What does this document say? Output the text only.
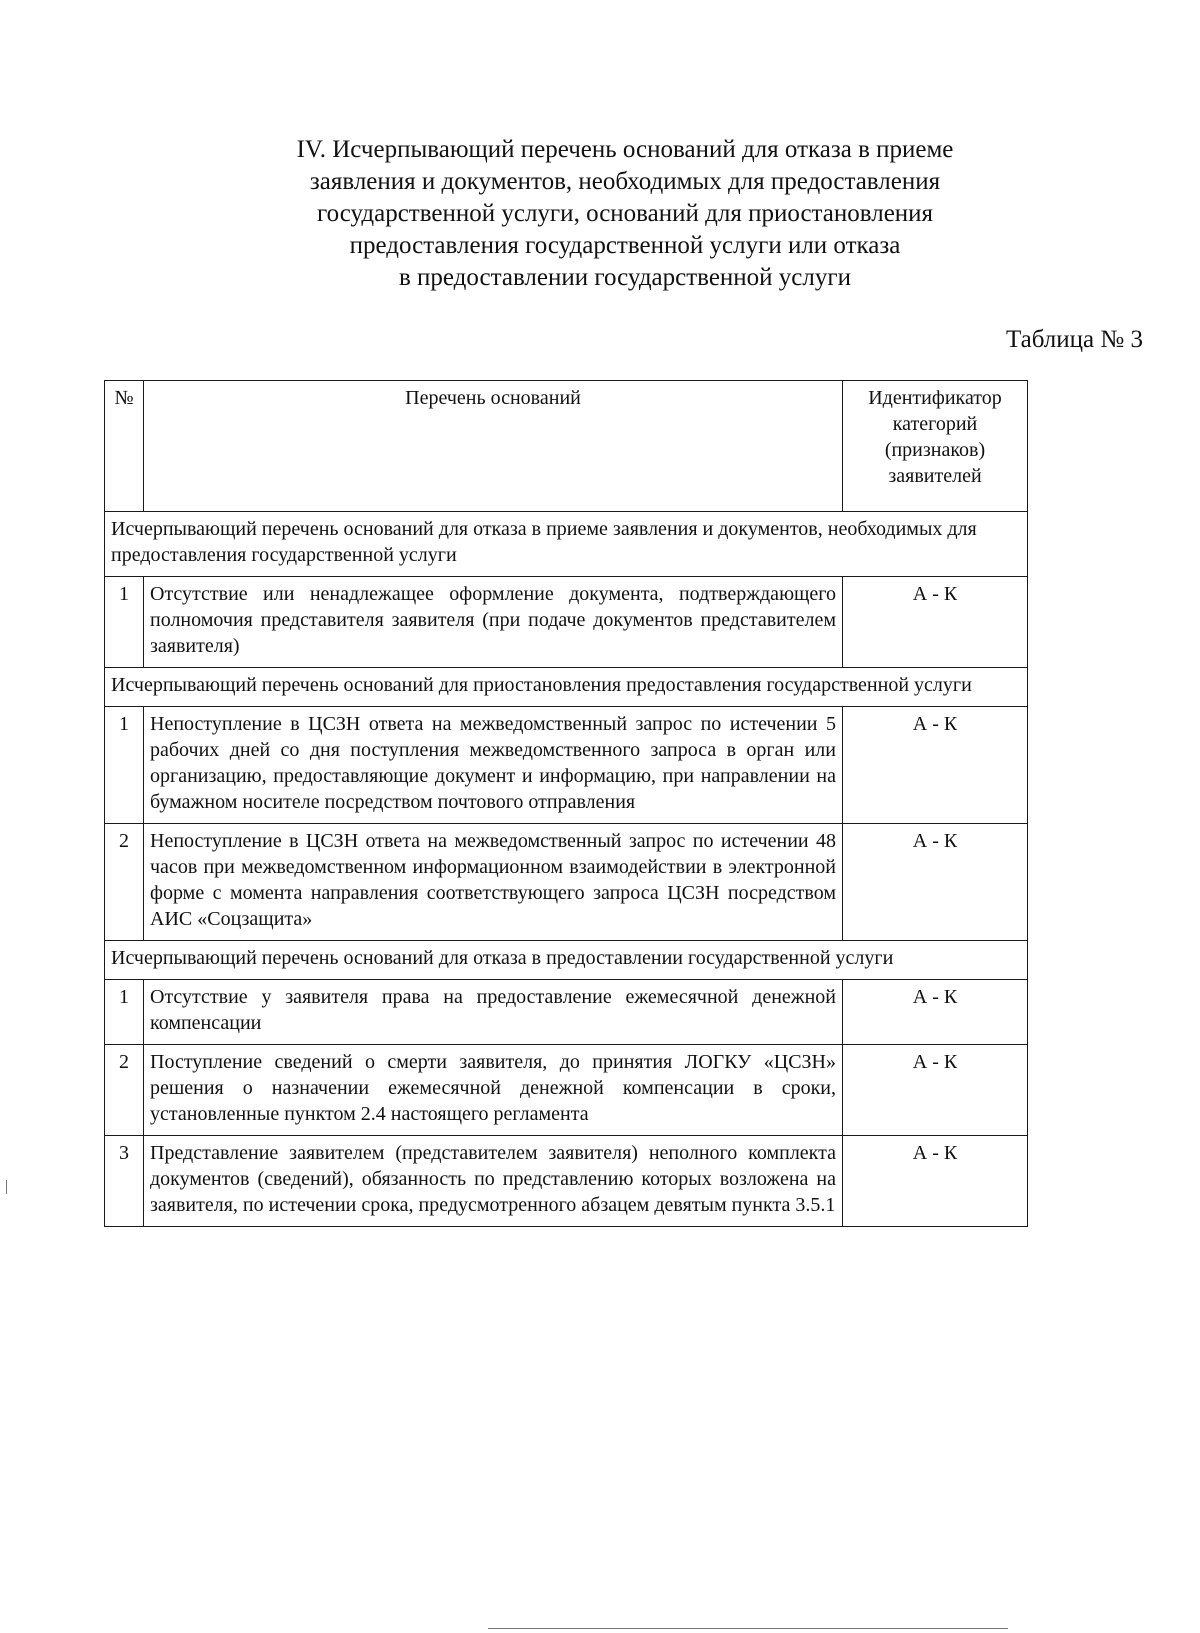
IV. Исчерпывающий перечень оснований для отказа в приеме
заявления и документов, необходимых для предоставления
государственной услуги, оснований для приостановления
предоставления государственной услуги или отказа
в предоставлении государственной услуги
Таблица № 3
№	Перечень оснований	Идентификатор категорий (признаков) заявителей
Исчерпывающий перечень оснований для отказа в приеме заявления и документов, необходимых для предоставления государственной услуги		
1	Отсутствие или ненадлежащее оформление документа, подтверждающего полномочия представителя заявителя (при подаче документов представителем заявителя)	А - К
Исчерпывающий перечень оснований для приостановления предоставления государственной услуги		
1	Непоступление в ЦСЗН ответа на межведомственный запрос по истечении 5 рабочих дней со дня поступления межведомственного запроса в орган или организацию, предоставляющие документ и информацию, при направлении на бумажном носителе посредством почтового отправления	А - К
2	Непоступление в ЦСЗН ответа на межведомственный запрос по истечении 48 часов при межведомственном информационном взаимодействии в электронной форме с момента направления соответствующего запроса ЦСЗН посредством АИС «Соцзащита»	А - К
Исчерпывающий перечень оснований для отказа в предоставлении государственной услуги		
1	Отсутствие у заявителя права на предоставление ежемесячной денежной компенсации	А - К
2	Поступление сведений о смерти заявителя, до принятия ЛОГКУ «ЦСЗН» решения о назначении ежемесячной денежной компенсации в сроки, установленные пунктом 2.4 настоящего регламента	А - К
3	Представление заявителем (представителем заявителя) неполного комплекта документов (сведений), обязанность по представлению которых возложена на заявителя, по истечении срока, предусмотренного абзацем девятым пункта 3.5.1	А - К
